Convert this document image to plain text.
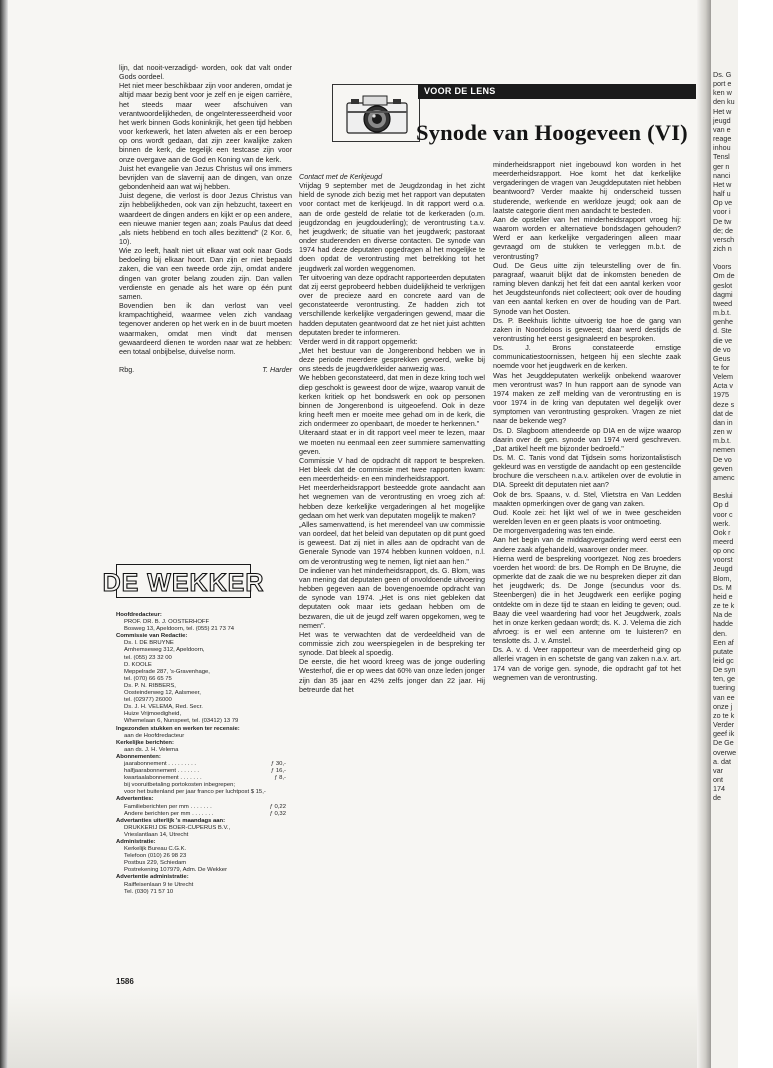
Ds. G
port e
ken w
den ku
Het w
jeugd
van e
reage
inhou
Tensl
ger n
nanci
Het w
half u
Op ve
voor i
De tw
de; de
versch
zich n

Voors
Om de
geslot
dagmi
tweed
m.b.t.
genhe
d. Ste
die ve
de vo
Geus
te for
Velem
Acta v
1975
deze s
dat de
dan in
zen w
m.b.t.
nemen
De vo
geven
amenc

Beslui
Op d
voor c
werk.
Ook r
meerd
op onc
voorst
Jeugd
Blom,
Ds. M
heid e
ze te k
Na de
hadde
den.
Een af
putate
leid gc
De syn
ten, ge
tuering
van ee
onze j
zo te k
Verder
geef ik
De Ge
overwe
a. dat
var
ont
174
de

lijn, dat nooit-verzadigd- worden, ook dat valt onder Gods oordeel.

Het niet meer beschikbaar zijn voor anderen, omdat je altijd maar bezig bent voor je zelf en je eigen carrière, het steeds maar weer afschuiven van verantwoordelijkheden, de ongeïnteresseerdheid voor het werk binnen Gods koninkrijk, het geen tijd hebben voor kerkewerk, het laten afweten als er een beroep op ons wordt gedaan, dat zijn zeer kwalijke zaken binnen de kerk, die tegelijk een testcase zijn voor onze overgave aan de God en Koning van de kerk.

Juist het evangelie van Jezus Christus wil ons immers bevrijden van de slavernij aan de dingen, van onze gebondenheid aan wat wij hebben.

Juist degene, die verlost is door Jezus Christus van zijn hebbelijkheden, ook van zijn hebzucht, taxeert en waardeert de dingen anders en kijkt er op een andere, een nieuwe manier tegen aan; zoals Paulus dat deed „als niets hebbend en toch alles bezittend" (2 Kor. 6, 10).

Wie zo leeft, haalt niet uit elkaar wat ook naar Gods bedoeling bij elkaar hoort. Dan zijn er niet bepaald zaken, die van een tweede orde zijn, omdat andere dingen van groter belang zouden zijn. Dan vallen verdienste en genade als het ware op één punt samen.

Bovendien ben ik dan verlost van veel krampachtigheid, waarmee velen zich vandaag tegenover anderen op het werk en in de buurt moeten waarmaken, omdat men vindt dat mensen gewaardeerd dienen te worden naar wat ze hebben: een totaal onbijbelse, duivelse norm.

Rbg.	T. Harder
VOOR DE LENS
Synode van Hoogeveen (VI)

Contact met de Kerkjeugd

Vrijdag 9 september met de Jeugdzondag in het zicht hield de synode zich bezig met het rapport van deputaten voor contact met de kerkjeugd. In dit rapport werd o.a. aan de orde gesteld de relatie tot de kerkeraden (o.m. jeugdzondag en jeugdouderling); de verontrusting t.a.v. het jeugdwerk; de situatie van het jeugdwerk; pastoraat onder studerenden en diverse contacten. De synode van 1974 had deze deputaten opgedragen al het mogelijke te doen opdat de verontrusting met betrekking tot het jeugdwerk zal worden weggenomen.

Ter uitvoering van deze opdracht rapporteerden deputaten dat zij eerst geprobeerd hebben duidelijkheid te verkrijgen over de precieze aard en concrete aard van de geconstateerde verontrusting. Ze hadden zich tot verschillende kerkelijke vergaderingen gewend, maar die hadden deputaten geantwoord dat ze het niet juist achtten deputaten breder te informeren.

Verder werd in dit rapport opgemerkt:

„Met het bestuur van de Jongerenbond hebben we in deze periode meerdere gesprekken gevoerd, welke bij ons steeds de jeugdwerkleider aanwezig was.

We hebben geconstateerd, dat men in deze kring toch wel diep geschokt is geweest door de wijze, waarop vanuit de kerken kritiek op het bondswerk en ook op personen binnen de Jongerenbond is uitgeoefend. Ook in deze kring heeft men er moeite mee gehad om in de kerk, die zich ondermeer zo openbaart, de moeder te herkennen."

Uiteraard staat er in dit rapport veel meer te lezen, maar we moeten nu eenmaal een zeer summiere samenvatting geven.

Commissie V had de opdracht dit rapport te bespreken. Het bleek dat de commissie met twee rapporten kwam: een meerderheids- en een minderheidsrapport.

Het meerderheidsrapport besteedde grote aandacht aan het wegnemen van de verontrusting en vroeg zich af: hebben deze kerkelijke vergaderingen al het mogelijke gedaan om het werk van deputaten mogelijk te maken?

„Alles samenvattend, is het merendeel van uw commissie van oordeel, dat het beleid van deputaten op dit punt goed is geweest. Dat zij niet in alles aan de opdracht van de Generale Synode van 1974 hebben kunnen voldoen, n.l. om de verontrusting weg te nemen, ligt niet aan hen."

De indiener van het minderheidsrapport, ds. G. Blom, was van mening dat deputaten geen of onvoldoende uitvoering hebben gegeven aan de bovengenoemde opdracht van de synode van 1974. „Het is ons niet gebleken dat deputaten ook maar iets gedaan hebben om de bezwaren, die uit de jeugd zelf waren opgekomen, weg te nemen".

Het was te verwachten dat de verdeeldheid van de commissie zich zou weerspiegelen in de bespreking ter synode. Dat bleek al spoedig.

De eerste, die het woord kreeg was de jonge ouderling Westerhof, die er op wees dat 60% van onze leden jonger zijn dan 35 jaar en 42% zelfs jonger dan 22 jaar. Hij betreurde dat het

minderheidsrapport niet ingebouwd kon worden in het meerderheidsrapport. Hoe komt het dat kerkelijke vergaderingen de vragen van Jeugddeputaten niet hebben beantwoord? Verder maakte hij onderscheid tussen studerende, werkende en werkloze jeugd; ook aan de laatste categorie dient men aandacht te besteden.

Aan de opsteller van het minderheidsrapport vroeg hij: waarom worden er alternatieve bondsdagen gehouden? Werd er aan kerkelijke vergaderingen alleen maar gevraagd om de stukken te verleggen m.b.t. de verontrusting?

Oud. De Geus uitte zijn teleurstelling over de fin. paragraaf, waaruit blijkt dat de inkomsten beneden de raming bleven dankzij het feit dat een aantal kerken voor het Jeugdsteunfonds niet collecteert; ook over de houding van een aantal kerken en over de houding van de Part. Synode van het Oosten.

Ds. P. Beekhuis lichtte uitvoerig toe hoe de gang van zaken in Noordeloos is geweest; daar werd destijds de verontrusting het eerst gesignaleerd en besproken.

Ds. J. Brons constateerde ernstige communicatiestoornissen, hetgeen hij een slechte zaak noemde voor het jeugdwerk en de kerken.

Was het Jeugddeputaten werkelijk onbekend waarover men verontrust was? In hun rapport aan de synode van 1974 maken ze zelf melding van de verontrusting en is voor 1974 in de kring van deputaten wel degelijk over symptomen van verontrusting gesproken. Vragen ze niet naar de bekende weg?

Ds. D. Slagboom attendeerde op DIA en de wijze waarop daarin over de gen. synode van 1974 werd geschreven. „Dat artikel heeft me bijzonder bedroefd."

Ds. M. C. Tanis vond dat Tijdsein soms horizontalistisch gekleurd was en verstigde de aandacht op een gestencilde brochure die verscheen n.a.v. artikelen over de evolutie in DIA. Spreekt dit deputaten niet aan?

Ook de brs. Spaans, v. d. Stel, Vlietstra en Van Ledden maakten opmerkingen over de gang van zaken.

Oud. Koole zei: het lijkt wel of we in twee gescheiden werelden leven en er geen plaats is voor ontmoeting.

De morgenvergadering was ten einde.

Aan het begin van de middagvergadering werd eerst een andere zaak afgehandeld, waarover onder meer.

Hierna werd de bespreking voortgezet. Nog zes broeders voerden het woord: de brs. De Romph en De Bruyne, die opmerkte dat de zaak die we nu bespreken dieper zit dan het jeugdwerk; ds. De Jonge (secundus voor ds. Steenbergen) die in het Jeugdwerk een eerlijke poging ontdekte om in deze tijd te staan en leiding te geven; oud. Baay die veel waardering had voor het Jeugdwerk, zoals het in onze kerken gedaan wordt; ds. K. J. Velema die zich afvroeg: is er wel een antenne om te luisteren? en tenslotte ds. J. v. Amstel.

Ds. A. v. d. Veer rapporteur van de meerderheid ging op allerlei vragen in en schetste de gang van zaken n.a.v. art. 174 van de vorige gen. synode, die opdracht gaf tot het wegnemen van de verontrusting.

DE WEKKER
Hoofdredacteur:
PROF. DR. B. J. OOSTERHOFF
Bosweg 13, Apeldoorn, tel. (055) 21 73 74
Commissie van Redactie:
Ds. I. DE BRUYNE
Arnhemseweg 312, Apeldoorn,
tel. (055) 23 32 00
D. KOOLE
Meppelrade 287, 's-Gravenhage,
tel. (070) 66 65 75
Ds. P. N. RIBBERS,
Oosteinderweg 12, Aalsmeer,
tel. (02977) 26000
Ds. J. H. VELEMA, Red. Secr.
Huize Vrijmoedigheid,
Whemelaan 6, Nunspeet, tel. (03412) 13 79
Ingezonden stukken en werken ter recensie:
aan de Hoofdredacteur
Kerkelijke berichten:
aan ds. J. H. Velema
Abonnementen:
jaarabonnement . . . . . . . . .	ƒ 30,-
halfjaarabonnement . . . . . . .	ƒ 16,-
kwartaalabonnement . . . . . . .	ƒ 8,-
bij vooruitbetaling portokosten inbegrepen;
voor het buitenland per jaar franco per luchtpost $ 15,-
Advertenties:
Familieberichten per mm . . . . . . .	ƒ 0,22
Andere berichten per mm . . . . . . .	ƒ 0,32
Advertanties uiterlijk 's maandags aan:
DRUKKERIJ DE BOER-CUPERUS B.V.,
Vrieslantlaan 14, Utrecht
Administratie:
Kerkelijk Bureau C.G.K.
Telefoon (010) 26 98 23
Postbus 229, Schiedam
Postrekening 107979, Adm. De Wekker
Advertentie administratie:
Raiffeisenlaan 9 te Utrecht
Tel. (030) 71 57 10
1586
